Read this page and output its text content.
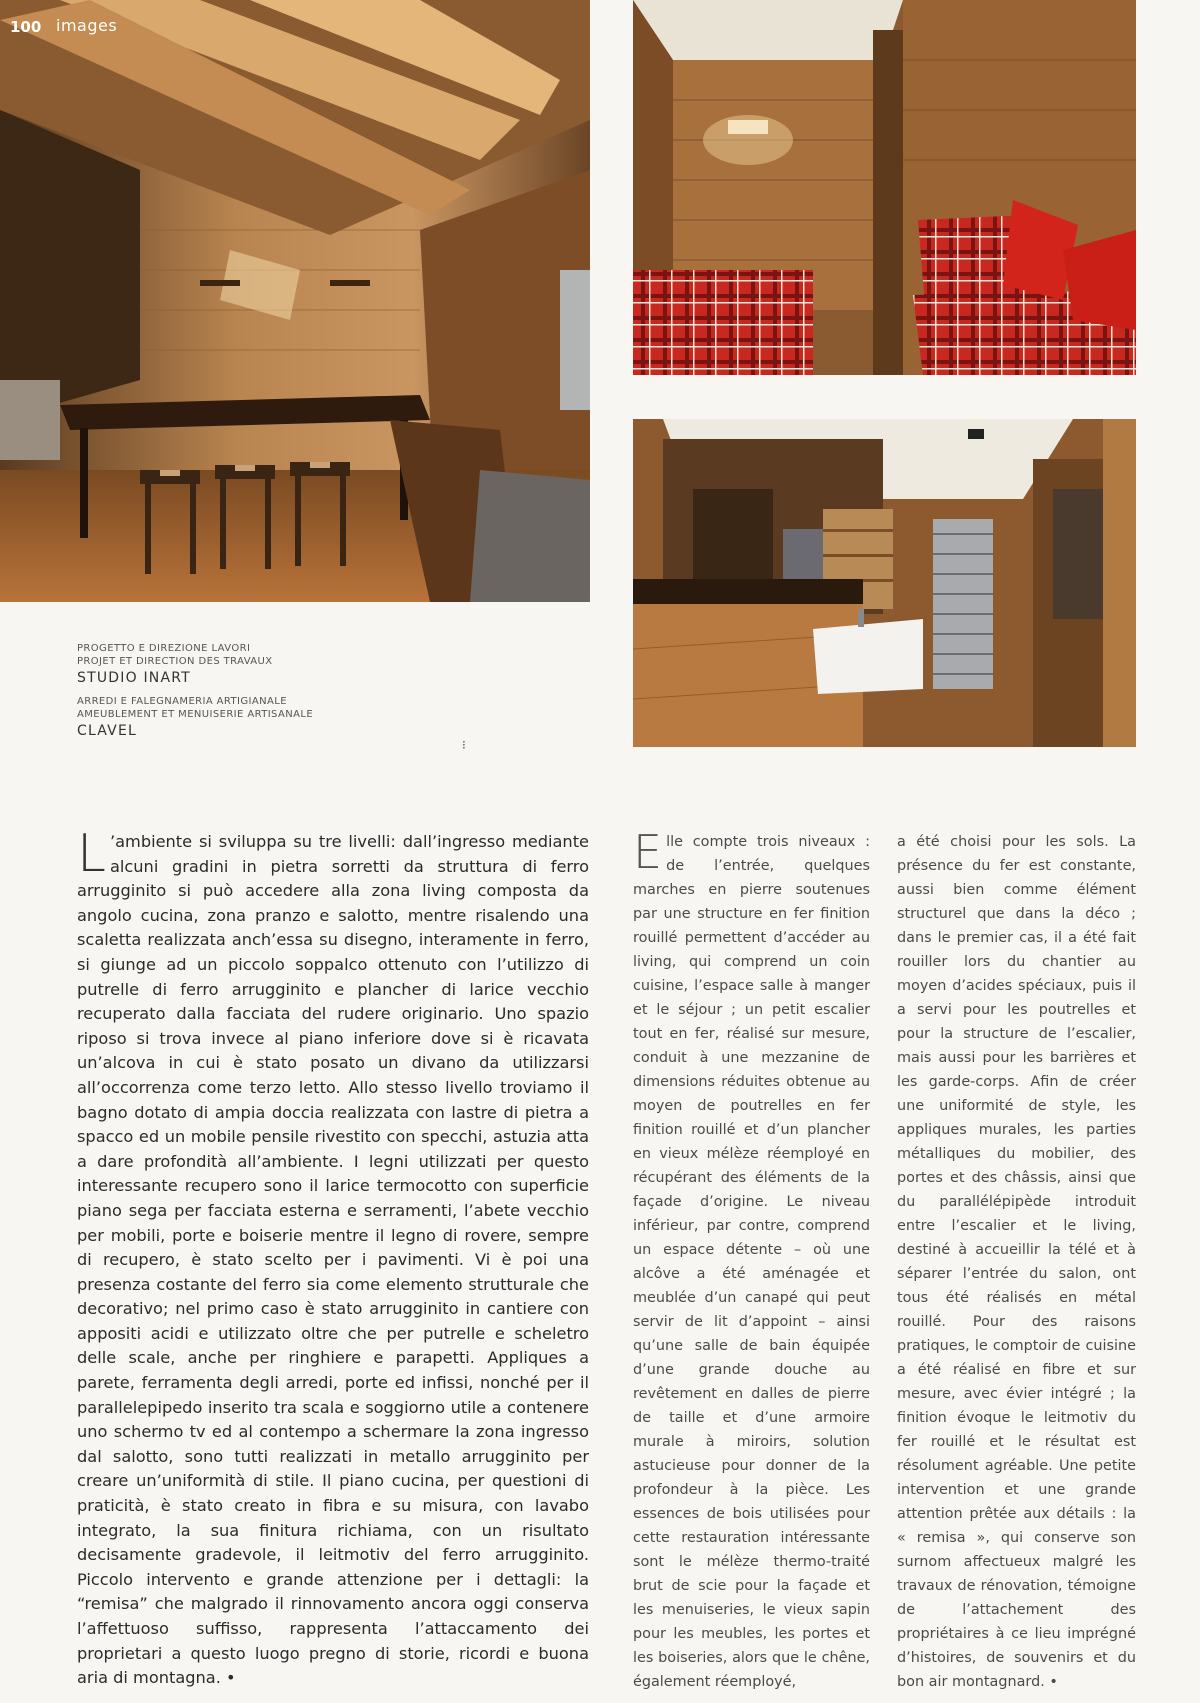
100 images
PROGETTO E DIREZIONE LAVORI
PROJET ET DIRECTION DES TRAVAUX
STUDIO INART
ARREDI E FALEGNAMERIA ARTIGIANALE
AMEUBLEMENT ET MENUISERIE ARTISANALE
CLAVEL
⁝

L ’ambiente si sviluppa su tre livelli: dall’ingresso mediante alcuni gradini in pietra sorretti da struttura di ferro arrugginito si può accedere alla zona living composta da angolo cucina, zona pranzo e salotto, mentre risalendo una scaletta realizzata anch’essa su disegno, interamente in ferro, si giunge ad un piccolo soppalco ottenuto con l’utilizzo di putrelle di ferro arrugginito e plancher di larice vecchio recuperato dalla facciata del rudere originario. Uno spazio riposo si trova invece al piano inferiore dove si è ricavata un’alcova in cui è stato posato un divano da utilizzarsi all’occorrenza come terzo letto. Allo stesso livello troviamo il bagno dotato di ampia doccia realizzata con lastre di pietra a spacco ed un mobile pensile rivestito con specchi, astuzia atta a dare profondità all’ambiente. I legni utilizzati per questo interessante recupero sono il larice termocotto con superficie piano sega per facciata esterna e serramenti, l’abete vecchio per mobili, porte e boiserie mentre il legno di rovere, sempre di recupero, è stato scelto per i pavimenti. Vi è poi una presenza costante del ferro sia come elemento strutturale che decorativo; nel primo caso è stato arrugginito in cantiere con appositi acidi e utilizzato oltre che per putrelle e scheletro delle scale, anche per ringhiere e parapetti. Appliques a parete, ferramenta degli arredi, porte ed infissi, nonché per il parallelepipedo inserito tra scala e soggiorno utile a contenere uno schermo tv ed al contempo a schermare la zona ingresso dal salotto, sono tutti realizzati in metallo arrugginito per creare un’uniformità di stile. Il piano cucina, per questioni di praticità, è stato creato in fibra e su misura, con lavabo integrato, la sua finitura richiama, con un risultato decisamente gradevole, il leitmotiv del ferro arrugginito. Piccolo intervento e grande attenzione per i dettagli: la “remisa” che malgrado il rinnovamento ancora oggi conserva l’affettuoso suffisso, rappresenta l’attaccamento dei proprietari a questo luogo pregno di storie, ricordi e buona aria di montagna. •

E lle compte trois niveaux : de l’entrée, quelques marches en pierre soutenues par une structure en fer finition rouillé permettent d’accéder au living, qui comprend un coin cuisine, l’espace salle à manger et le séjour ; un petit escalier tout en fer, réalisé sur mesure, conduit à une mezzanine de dimensions réduites obtenue au moyen de poutrelles en fer finition rouillé et d’un plancher en vieux mélèze réemployé en récupérant des éléments de la façade d’origine. Le niveau inférieur, par contre, comprend un espace détente – où une alcôve a été aménagée et meublée d’un canapé qui peut servir de lit d’appoint – ainsi qu’une salle de bain équipée d’une grande douche au revêtement en dalles de pierre de taille et d’une armoire murale à miroirs, solution astucieuse pour donner de la profondeur à la pièce. Les essences de bois utilisées pour cette restauration intéressante sont le mélèze thermo-traité brut de scie pour la façade et les menuiseries, le vieux sapin pour les meubles, les portes et les boiseries, alors que le chêne, également réemployé,

a été choisi pour les sols. La présence du fer est constante, aussi bien comme élément structurel que dans la déco ; dans le premier cas, il a été fait rouiller lors du chantier au moyen d’acides spéciaux, puis il a servi pour les poutrelles et pour la structure de l’escalier, mais aussi pour les barrières et les garde-corps. Afin de créer une uniformité de style, les appliques murales, les parties métalliques du mobilier, des portes et des châssis, ainsi que du parallélépipède introduit entre l’escalier et le living, destiné à accueillir la télé et à séparer l’entrée du salon, ont tous été réalisés en métal rouillé. Pour des raisons pratiques, le comptoir de cuisine a été réalisé en fibre et sur mesure, avec évier intégré ; la finition évoque le leitmotiv du fer rouillé et le résultat est résolument agréable. Une petite intervention et une grande attention prêtée aux détails : la « remisa », qui conserve son surnom affectueux malgré les travaux de rénovation, témoigne de l’attachement des propriétaires à ce lieu imprégné d’histoires, de souvenirs et du bon air montagnard. •
